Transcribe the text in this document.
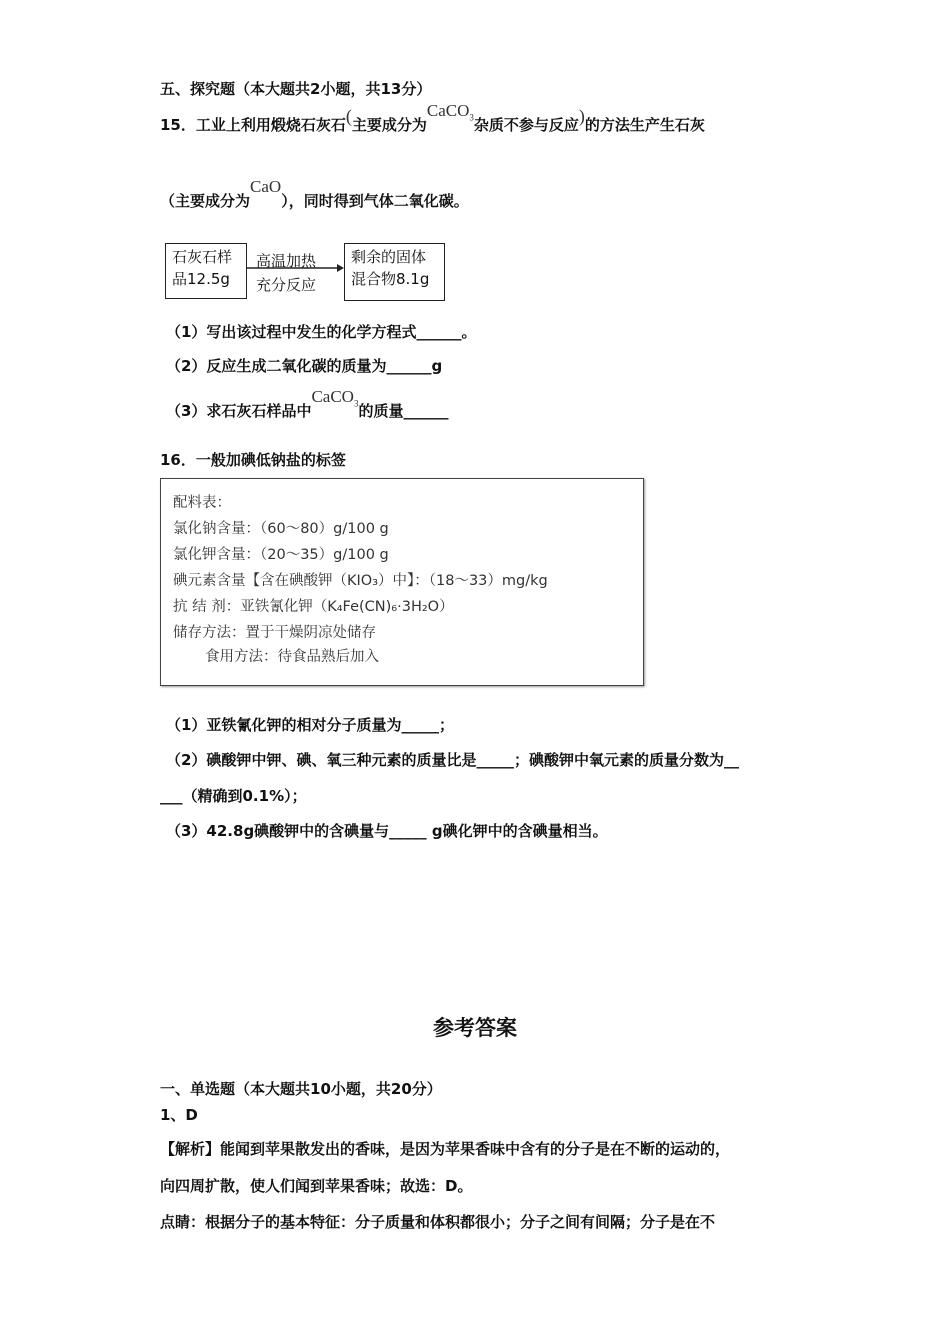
五、探究题（本大题共2小题，共13分）
15．工业上利用煅烧石灰石(主要成分为CaCO$_3$杂质不参与反应)的方法生产生石灰
（主要成分为CaO），同时得到气体二氧化碳。
石灰石样
品12.5g
高温加热
充分反应
剩余的固体
混合物8.1g
（1）写出该过程中发生的化学方程式______。
（2）反应生成二氧化碳的质量为______g
（3）求石灰石样品中CaCO$_3$的质量______
16．一般加碘低钠盐的标签
配料表：
氯化钠含量：（60～80）g/100 g
氯化钾含量：（20～35）g/100 g
碘元素含量【含在碘酸钾（KIO₃）中】：（18～33）mg/kg
抗 结 剂：亚铁氰化钾（K₄Fe(CN)₆·3H₂O）
储存方法：置于干燥阴凉处储存
食用方法：待食品熟后加入
（1）亚铁氰化钾的相对分子质量为_____；
（2）碘酸钾中钾、碘、氧三种元素的质量比是_____；碘酸钾中氧元素的质量分数为__
___（精确到0.1%）；
（3）42.8g碘酸钾中的含碘量与_____ g碘化钾中的含碘量相当。
参考答案
一、单选题（本大题共10小题，共20分）
1、D
【解析】能闻到苹果散发出的香味，是因为苹果香味中含有的分子是在不断的运动的，
向四周扩散，使人们闻到苹果香味；故选：D。
点睛：根据分子的基本特征：分子质量和体积都很小；分子之间有间隔；分子是在不
